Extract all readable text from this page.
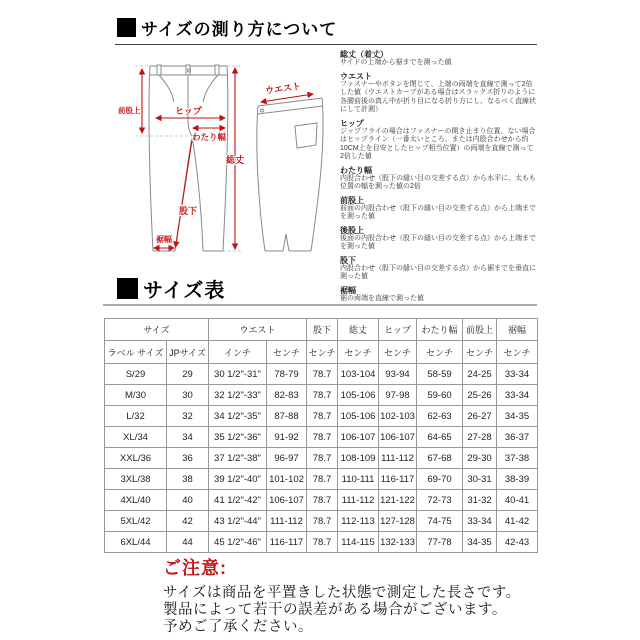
サイズの測り方について
前股上	ヒップ
わたり幅
総丈
股下
裾幅
ウエスト
総丈（着丈）
サイドの上端から裾までを測った値
ウエスト
ファスナーやボタンを閉じて、上端の両端を直線で測って2倍した値（ウエストカーブがある場合はスラックス折りのように各腰前後の真ん中が折り目になる折り方にし、なるべく直線状にして計測）
ヒップ
ジップフライの場合はファスナーの開き止まり位置、ない場合はヒップライン（一番太いところ、または内股合わせから約10CM上を目安としたヒップ相当位置）の両端を直線で測って2倍した値
わたり幅
内股合わせ（股下の縫い目の交差する点）から水平に、太もも位置の幅を測った値の2倍
前股上
前面の内股合わせ（股下の縫い目の交差する点）から上端までを測った値
後股上
後面の内股合わせ（股下の縫い目の交差する点）から上端までを測った値
股下
内股合わせ（股下の縫い目の交差する点）から裾までを垂直に測った値
裾幅
裾の両端を直線で測った値
サイズ表
サイズ		ウエスト		股下	総丈	ヒップ	わたり幅	前股上	裾幅
ラベル サイズ	JPサイズ	インチ	センチ	センチ	センチ	センチ	センチ	センチ	センチ
S/29	29	30 1/2"-31"	78-79	78.7	103-104	93-94	58-59	24-25	33-34
M/30	30	32 1/2"-33"	82-83	78.7	105-106	97-98	59-60	25-26	33-34
L/32	32	34 1/2"-35"	87-88	78.7	105-106	102-103	62-63	26-27	34-35
XL/34	34	35 1/2"-36"	91-92	78.7	106-107	106-107	64-65	27-28	36-37
XXL/36	36	37 1/2"-38"	96-97	78.7	108-109	111-112	67-68	29-30	37-38
3XL/38	38	39 1/2"-40"	101-102	78.7	110-111	116-117	69-70	30-31	38-39
4XL/40	40	41 1/2"-42"	106-107	78.7	111-112	121-122	72-73	31-32	40-41
5XL/42	42	43 1/2"-44"	111-112	78.7	112-113	127-128	74-75	33-34	41-42
6XL/44	44	45 1/2"-46"	116-117	78.7	114-115	132-133	77-78	34-35	42-43
ご注意:
サイズは商品を平置きした状態で測定した長さです。
製品によって若干の誤差がある場合がございます。
予めご了承ください。
